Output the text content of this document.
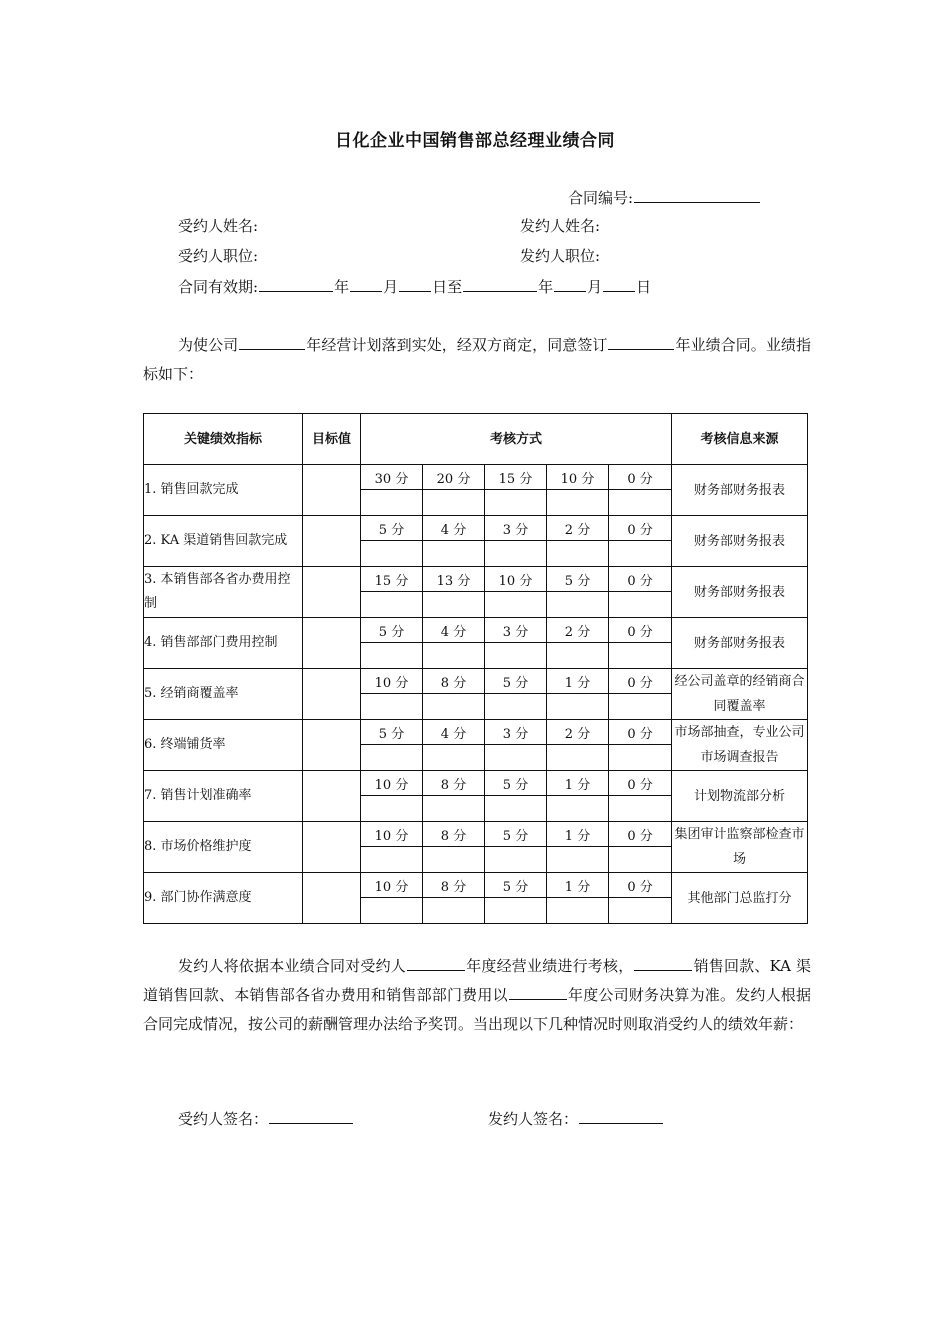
日化企业中国销售部总经理业绩合同
合同编号:
受约人姓名:	发约人姓名:
受约人职位:	发约人职位:
合同有效期:	年 月 日至	年 月 日

为使公司	年经营计划落到实处，经双方商定，同意签订	年业绩合同。业绩指标如下：

关键绩效指标	目标值	考核方式					考核信息来源
1. 销售回款完成		30 分	20 分	15 分	10 分	0 分	财务部财务报表

2. KA 渠道销售回款完成		5 分	4 分	3 分	2 分	0 分	财务部财务报表

3. 本销售部各省办费用控制		15 分	13 分	10 分	5 分	0 分	财务部财务报表

4. 销售部部门费用控制		5 分	4 分	3 分	2 分	0 分	财务部财务报表

5. 经销商覆盖率		10 分	8 分	5 分	1 分	0 分	经公司盖章的经销商合同覆盖率

6. 终端铺货率		5 分	4 分	3 分	2 分	0 分	市场部抽查，专业公司市场调查报告

7. 销售计划准确率		10 分	8 分	5 分	1 分	0 分	计划物流部分析

8. 市场价格维护度		10 分	8 分	5 分	1 分	0 分	集团审计监察部检查市场

9. 部门协作满意度		10 分	8 分	5 分	1 分	0 分	其他部门总监打分

发约人将依据本业绩合同对受约人	年度经营业绩进行考核，	销售回款、KA 渠道销售回款、本销售部各省办费用和销售部部门费用以	年度公司财务决算为准。发约人根据合同完成情况，按公司的薪酬管理办法给予奖罚。当出现以下几种情况时则取消受约人的绩效年薪：

受约人签名：	发约人签名：
